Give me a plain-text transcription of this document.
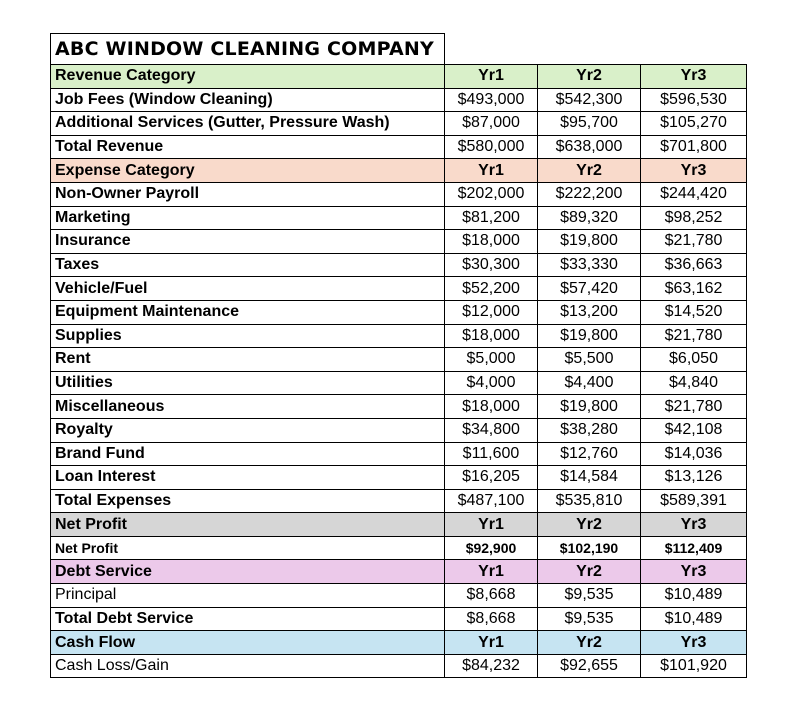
ABC WINDOW CLEANING COMPANY			
Revenue Category	Yr1	Yr2	Yr3
Job Fees (Window Cleaning)	$493,000	$542,300	$596,530
Additional Services (Gutter, Pressure Wash)	$87,000	$95,700	$105,270
Total Revenue	$580,000	$638,000	$701,800
Expense Category	Yr1	Yr2	Yr3
Non-Owner Payroll	$202,000	$222,200	$244,420
Marketing	$81,200	$89,320	$98,252
Insurance	$18,000	$19,800	$21,780
Taxes	$30,300	$33,330	$36,663
Vehicle/Fuel	$52,200	$57,420	$63,162
Equipment Maintenance	$12,000	$13,200	$14,520
Supplies	$18,000	$19,800	$21,780
Rent	$5,000	$5,500	$6,050
Utilities	$4,000	$4,400	$4,840
Miscellaneous	$18,000	$19,800	$21,780
Royalty	$34,800	$38,280	$42,108
Brand Fund	$11,600	$12,760	$14,036
Loan Interest	$16,205	$14,584	$13,126
Total Expenses	$487,100	$535,810	$589,391
Net Profit	Yr1	Yr2	Yr3
Net Profit	$92,900	$102,190	$112,409
Debt Service	Yr1	Yr2	Yr3
Principal	$8,668	$9,535	$10,489
Total Debt Service	$8,668	$9,535	$10,489
Cash Flow	Yr1	Yr2	Yr3
Cash Loss/Gain	$84,232	$92,655	$101,920
